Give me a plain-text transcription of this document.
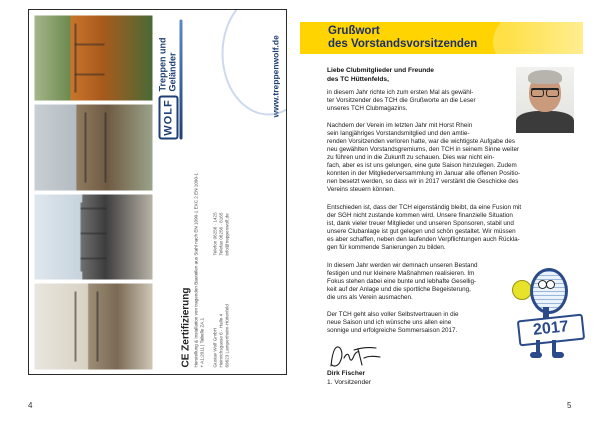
WOLF
Treppen und Geländer
CE Zertifizierung Herstellung & Installation von tragenden Bauteilen aus Stahl nach EN 1090-1 EXC 2 EN 1090-1 + A1:2011 | Tabelle ZA.1 Gustav Wolf GmbH Heinrichsgasse 6 · Halle 4 69623 Lampertheim-Hüttenfeld
Telefon 06256 · 1425 Telefax 06256 · 8165 info@treppenwolf.de
www.treppenwolf.de
4
Grußwort
des Vorstandsvorsitzenden
Liebe Clubmitglieder und Freunde
des TC Hüttenfelds,
in diesem Jahr richte ich zum ersten Mal als gewähl-
ter Vorsitzender des TCH die Grußworte an die Leser
unseres TCH Clubmagazins.
Nachdem der Verein im letzten Jahr mit Horst Rhein
sein langjähriges Vorstandsmitglied und den amtie-
renden Vorsitzenden verloren hatte, war die wichtigste Aufgabe des
neu gewählten Vorstandsgremiums, den TCH in seinem Sinne weiter
zu führen und in die Zukunft zu schauen. Dies war nicht ein-
fach, aber es ist uns gelungen, eine gute Saison hinzulegen. Zudem
konnten in der Mitgliederversammlung im Januar alle offenen Positio-
nen besetzt werden, so dass wir in 2017 verstärkt die Geschicke des
Vereins steuern können.
Entschieden ist, dass der TCH eigenständig bleibt, da eine Fusion mit
der SGH nicht zustande kommen wird. Unsere finanzielle Situation
ist, dank vieler treuer Mitglieder und unseren Sponsoren, stabil und
unsere Clubanlage ist gut gelegen und schön gestaltet. Wir müssen
es aber schaffen, neben den laufenden Verpflichtungen auch Rückla-
gen für kommende Sanierungen zu bilden.
In diesem Jahr werden wir demnach unseren Bestand
festigen und nur kleinere Maßnahmen realisieren. Im
Fokus stehen dabei eine bunte und lebhafte Gesellig-
keit auf der Anlage und die sportliche Begeisterung,
die uns als Verein ausmachen.
Der TCH geht also voller Selbstvertrauen in die
neue Saison und ich wünsche uns allen eine
sonnige und erfolgreiche Sommersaison 2017.	2017
Dirk Fischer
1. Vorsitzender
5
